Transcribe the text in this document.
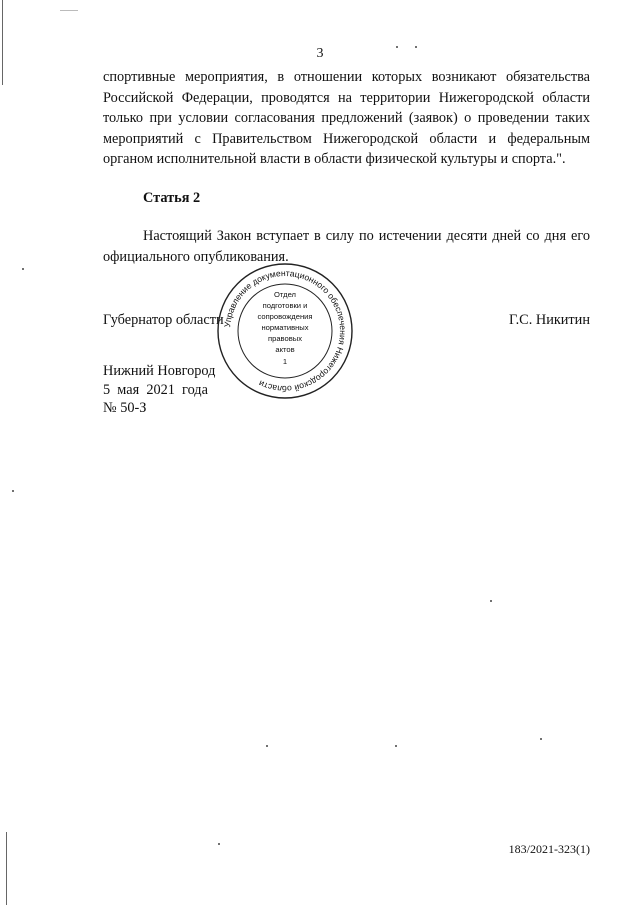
3
спортивные мероприятия, в отношении которых возникают обязательства Российской Федерации, проводятся на территории Нижегородской области только при условии согласования предложений (заявок) о проведении таких мероприятий с Правительством Нижегородской области и федеральным органом исполнительной власти в области физической культуры и спорта.".
Статья 2
Настоящий Закон вступает в силу по истечении десяти дней со дня его официального опубликования.
Губернатор области	Г.С. Никитин
Управление документационного обеспечения Нижегородской области
Отдел
подготовки и
сопровождения
нормативных
правовых
актов
1
Нижний Новгород
5  мая  2021  года
№ 50-З
183/2021-323(1)
